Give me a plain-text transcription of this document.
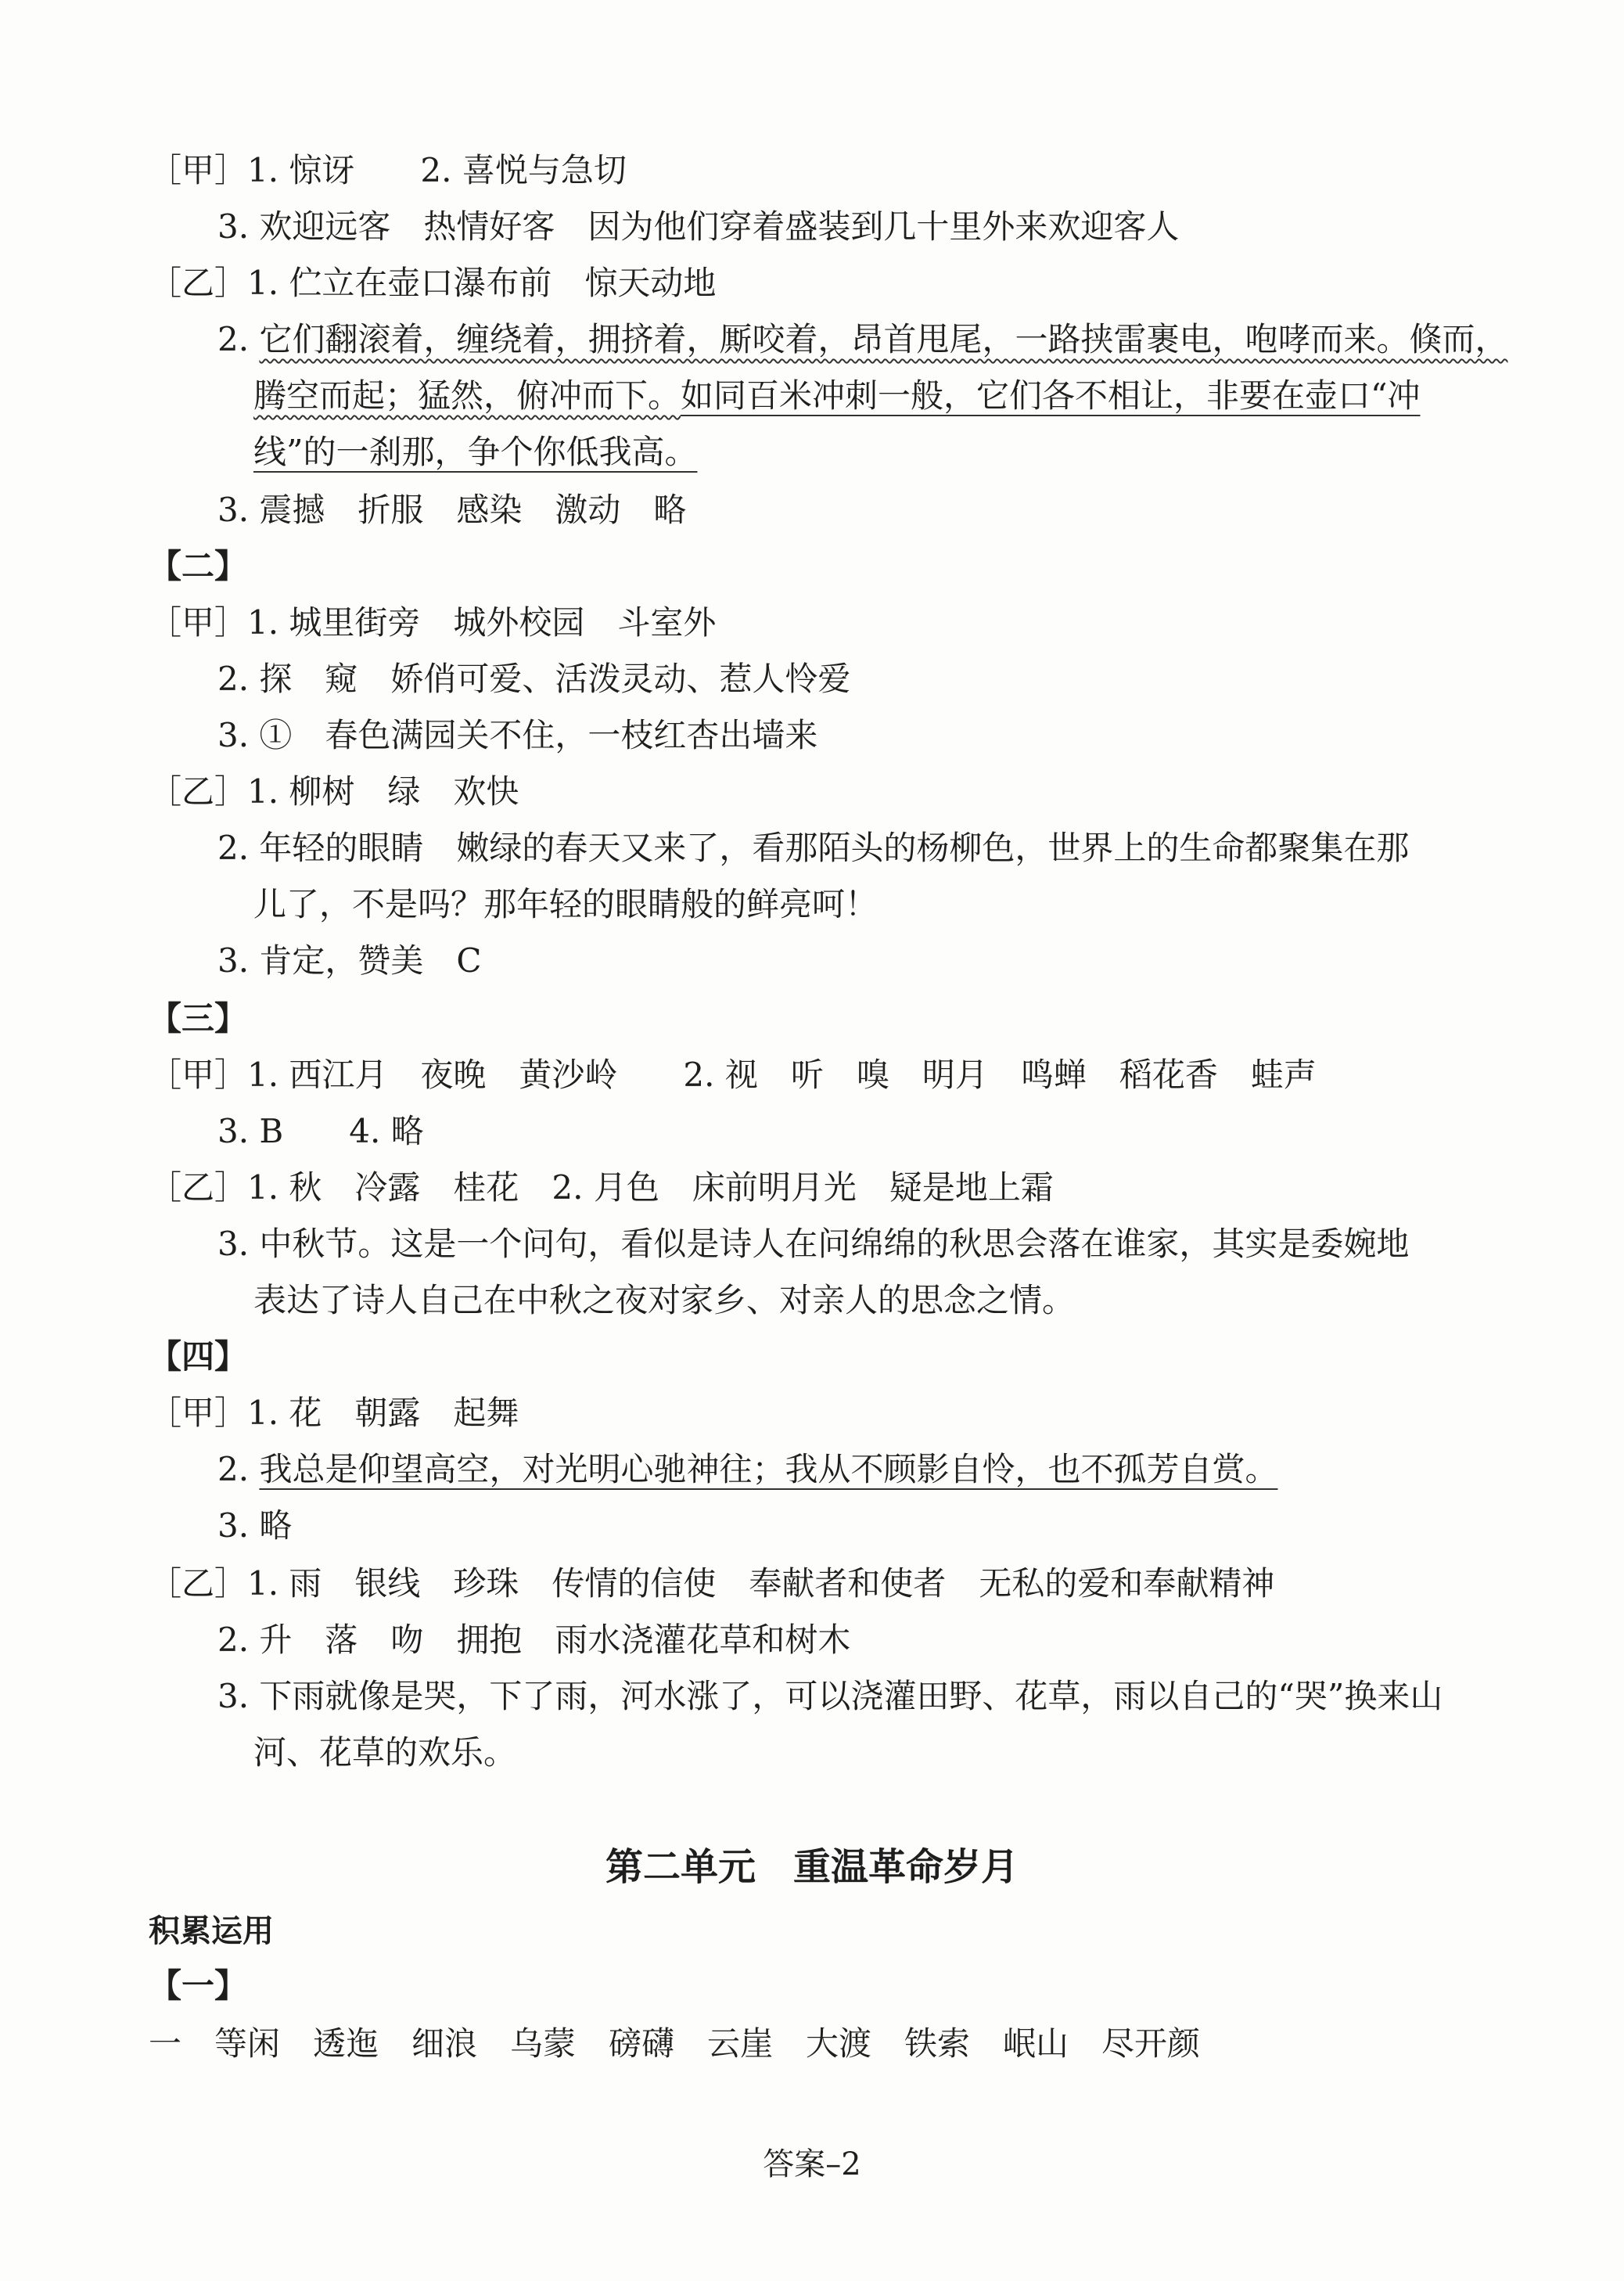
［甲］1. 惊讶　　2. 喜悦与急切
3. 欢迎远客　热情好客　因为他们穿着盛装到几十里外来欢迎客人
［乙］1. 伫立在壶口瀑布前　惊天动地
2. 它们翻滚着，缠绕着，拥挤着，厮咬着，昂首甩尾，一路挟雷裹电，咆哮而来。倏而，
腾空而起；猛然，俯冲而下。如同百米冲刺一般，它们各不相让，非要在壶口“冲
线”的一刹那，争个你低我高。
3. 震撼　折服　感染　激动　略
【二】
［甲］1. 城里街旁　城外校园　斗室外
2. 探　窥　娇俏可爱、活泼灵动、惹人怜爱
3. ①　春色满园关不住，一枝红杏出墙来
［乙］1. 柳树　绿　欢快
2. 年轻的眼睛　嫩绿的春天又来了，看那陌头的杨柳色，世界上的生命都聚集在那
儿了，不是吗？那年轻的眼睛般的鲜亮呵！
3. 肯定，赞美　C
【三】
［甲］1. 西江月　夜晚　黄沙岭　　2. 视　听　嗅　明月　鸣蝉　稻花香　蛙声
3. B　　4. 略
［乙］1. 秋　冷露　桂花　2. 月色　床前明月光　疑是地上霜
3. 中秋节。这是一个问句，看似是诗人在问绵绵的秋思会落在谁家，其实是委婉地
表达了诗人自己在中秋之夜对家乡、对亲人的思念之情。
【四】
［甲］1. 花　朝露　起舞
2. 我总是仰望高空，对光明心驰神往；我从不顾影自怜，也不孤芳自赏。
3. 略
［乙］1. 雨　银线　珍珠　传情的信使　奉献者和使者　无私的爱和奉献精神
2. 升　落　吻　拥抱　雨水浇灌花草和树木
3. 下雨就像是哭，下了雨，河水涨了，可以浇灌田野、花草，雨以自己的“哭”换来山
河、花草的欢乐。
第二单元　重温革命岁月
积累运用
【一】
一　等闲　透迤　细浪　乌蒙　磅礴　云崖　大渡　铁索　岷山　尽开颜
答案–2
